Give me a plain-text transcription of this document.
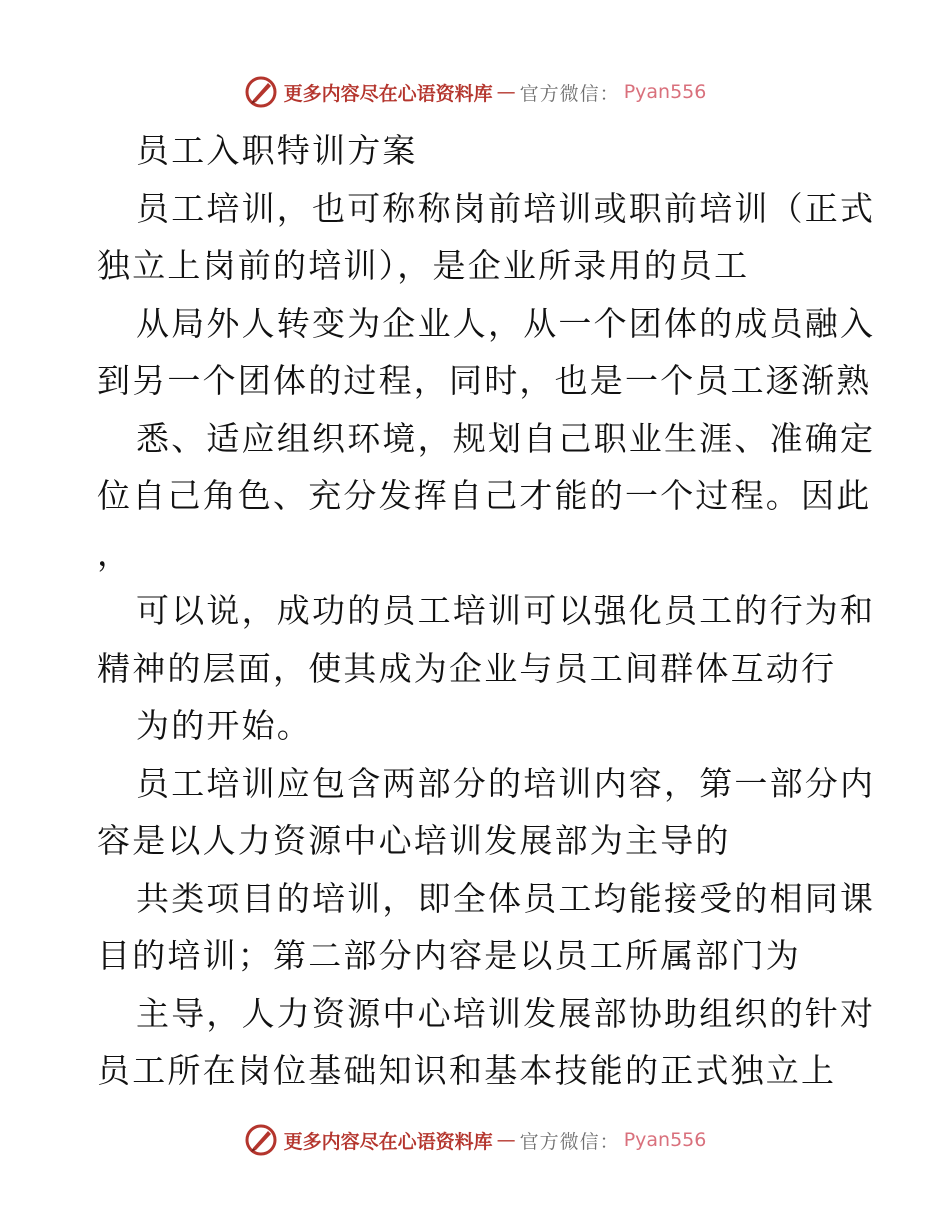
更多内容尽在心语资料库 — 官方微信： Pyan556

员工入职特训方案

员工培训，也可称称岗前培训或职前培训（正式

独立上岗前的培训），是企业所录用的员工

从局外人转变为企业人，从一个团体的成员融入

到另一个团体的过程，同时，也是一个员工逐渐熟

悉、适应组织环境，规划自己职业生涯、准确定

位自己角色、充分发挥自己才能的一个过程。因此

，

可以说，成功的员工培训可以强化员工的行为和

精神的层面，使其成为企业与员工间群体互动行

为的开始。

员工培训应包含两部分的培训内容，第一部分内

容是以人力资源中心培训发展部为主导的

共类项目的培训，即全体员工均能接受的相同课

目的培训；第二部分内容是以员工所属部门为

主导，人力资源中心培训发展部协助组织的针对

员工所在岗位基础知识和基本技能的正式独立上

更多内容尽在心语资料库 — 官方微信： Pyan556
